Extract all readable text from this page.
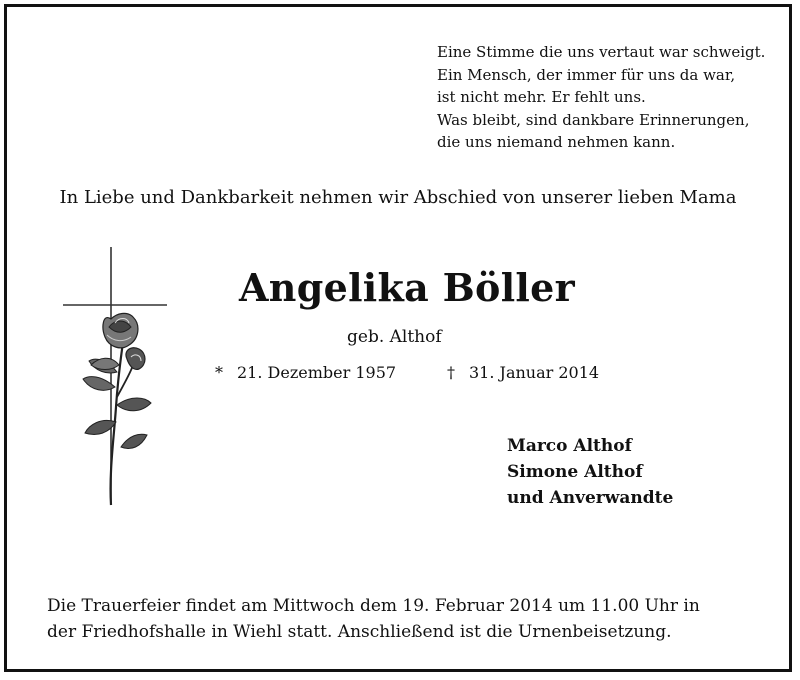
Eine Stimme die uns vertaut war schweigt.
Ein Mensch, der immer für uns da war,
ist nicht mehr. Er fehlt uns.
Was bleibt, sind dankbare Erinnerungen,
die uns niemand nehmen kann.
In Liebe und Dankbarkeit nehmen wir Abschied von unserer lieben Mama
Angelika Böller
geb. Althof
* 21. Dezember 1957	† 31. Januar 2014
Marco Althof
Simone Althof
und Anverwandte
Die Trauerfeier findet am Mittwoch dem 19. Februar 2014 um 11.00 Uhr in
der Friedhofshalle in Wiehl statt. Anschließend ist die Urnenbeisetzung.
